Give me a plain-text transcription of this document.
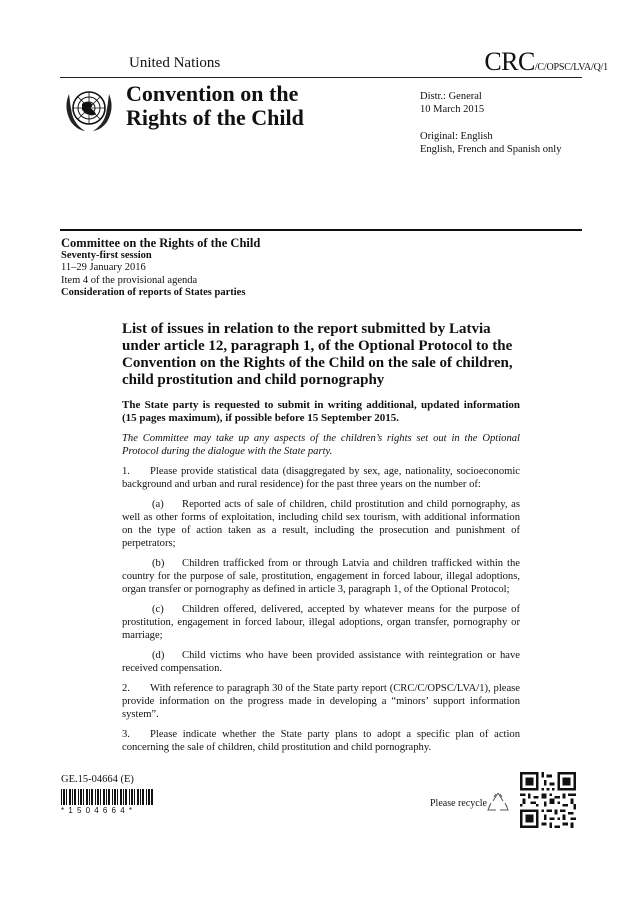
United Nations	CRC/C/OPSC/LVA/Q/1
Convention on the
Rights of the Child
Distr.: General
10 March 2015
Original: English
English, French and Spanish only
Committee on the Rights of the Child
Seventy-first session
11–29 January 2016
Item 4 of the provisional agenda
Consideration of reports of States parties
List of issues in relation to the report submitted by Latvia under article 12, paragraph 1, of the Optional Protocol to the Convention on the Rights of the Child on the sale of children, child prostitution and child pornography

The State party is requested to submit in writing additional, updated information (15 pages maximum), if possible before 15 September 2015.

The Committee may take up any aspects of the children’s rights set out in the Optional Protocol during the dialogue with the State party.

1. Please provide statistical data (disaggregated by sex, age, nationality, socioeconomic background and urban and rural residence) for the past three years on the number of:

(a) Reported acts of sale of children, child prostitution and child pornography, as well as other forms of exploitation, including child sex tourism, with additional information on the type of action taken as a result, including the prosecution and punishment of perpetrators;

(b) Children trafficked from or through Latvia and children trafficked within the country for the purpose of sale, prostitution, engagement in forced labour, illegal adoptions, organ transfer or pornography as defined in article 3, paragraph 1, of the Optional Protocol;

(c) Children offered, delivered, accepted by whatever means for the purpose of prostitution, engagement in forced labour, illegal adoptions, organ transfer, pornography or marriage;

(d) Child victims who have been provided assistance with reintegration or have received compensation.

2. With reference to paragraph 30 of the State party report (CRC/C/OPSC/LVA/1), please provide information on the progress made in developing a “minors’ support information system”.

3. Please indicate whether the State party plans to adopt a specific plan of action concerning the sale of children, child prostitution and child pornography.

GE.15-04664 (E)
*1504664*
Please recycle
